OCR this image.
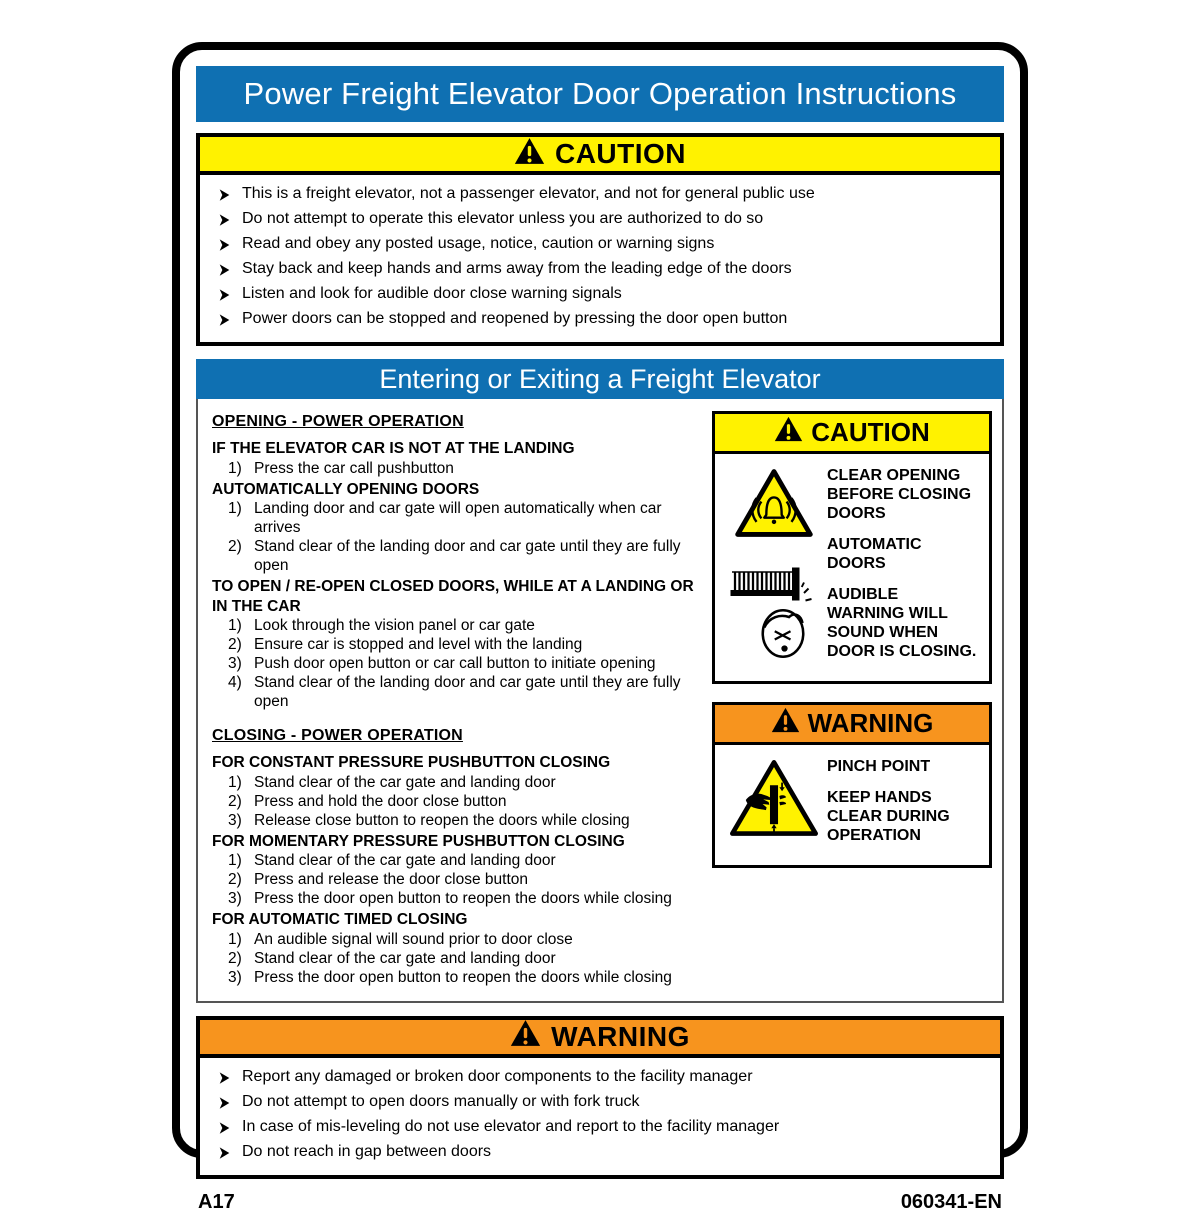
Power Freight Elevator Door Operation Instructions
CAUTION
This is a freight elevator, not a passenger elevator, and not for general public use
Do not attempt to operate this elevator unless you are authorized to do so
Read and obey any posted usage, notice, caution or warning signs
Stay back and keep hands and arms away from the leading edge of the doors
Listen and look for audible door close warning signals
Power doors can be stopped and reopened by pressing the door open button
Entering or Exiting a Freight Elevator
OPENING - POWER OPERATION
IF THE ELEVATOR CAR IS NOT AT THE LANDING
1) Press the car call pushbutton
AUTOMATICALLY OPENING DOORS
1) Landing door and car gate will open automatically when car arrives
2) Stand clear of the landing door and car gate until they are fully open
TO OPEN / RE-OPEN CLOSED DOORS, WHILE AT A LANDING OR IN THE CAR
1) Look through the vision panel or car gate
2) Ensure car is stopped and level with the landing
3) Push door open button or car call button to initiate opening
4) Stand clear of the landing door and car gate until they are fully open
CLOSING - POWER OPERATION
FOR CONSTANT PRESSURE PUSHBUTTON CLOSING
1) Stand clear of the car gate and landing door
2) Press and hold the door close button
3) Release close button to reopen the doors while closing
FOR MOMENTARY PRESSURE PUSHBUTTON CLOSING
1) Stand clear of the car gate and landing door
2) Press and release the door close button
3) Press the door open button to reopen the doors while closing
FOR AUTOMATIC TIMED CLOSING
1) An audible signal will sound prior to door close
2) Stand clear of the car gate and landing door
3) Press the door open button to reopen the doors while closing
CAUTION

CLEAR OPENING BEFORE CLOSING DOORS

AUTOMATIC DOORS

AUDIBLE WARNING WILL SOUND WHEN DOOR IS CLOSING.

WARNING

PINCH POINT

KEEP HANDS CLEAR DURING OPERATION

WARNING
Report any damaged or broken door components to the facility manager
Do not attempt to open doors manually or with fork truck
In case of mis-leveling do not use elevator and report to the facility manager
Do not reach in gap between doors
A17	060341-EN
